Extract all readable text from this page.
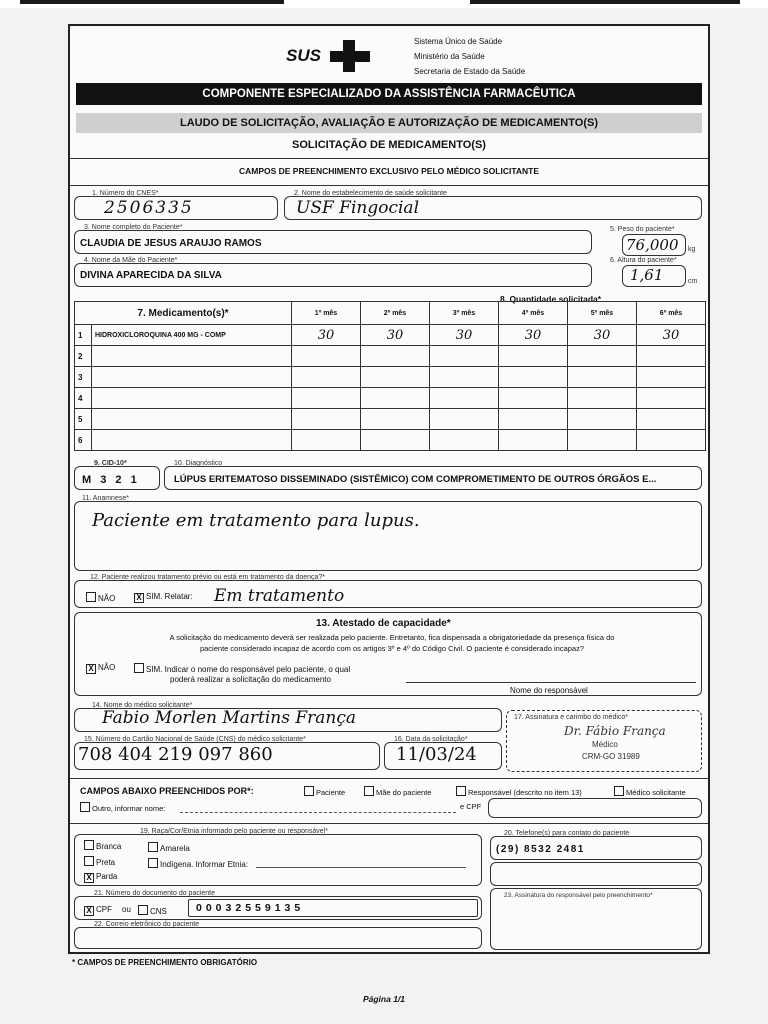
SUS
Sistema Único de Saúde
Ministério da Saúde
Secretaria de Estado da Saúde
COMPONENTE ESPECIALIZADO DA ASSISTÊNCIA FARMACÊUTICA
LAUDO DE SOLICITAÇÃO, AVALIAÇÃO E AUTORIZAÇÃO DE MEDICAMENTO(S)
SOLICITAÇÃO DE MEDICAMENTO(S)
CAMPOS DE PREENCHIMENTO EXCLUSIVO PELO MÉDICO SOLICITANTE
1. Número do CNES*
2506335
2. Nome do estabelecimento de saúde solicitante
USF Fingocial
3. Nome completo do Paciente*
CLAUDIA DE JESUS ARAUJO RAMOS
5. Peso do paciente*
76,000 kg
4. Nome da Mãe do Paciente*
DIVINA APARECIDA DA SILVA
6. Altura do paciente*
1,61	cm
8. Quantidade solicitada*
7. Medicamento(s)*		1º mês	2º mês	3º mês	4º mês	5º mês	6º mês
1	HIDROXICLOROQUINA 400 MG - COMP	30	30	30	30	30	30
2							
3							
4							
5							
6							
9. CID-10*
M 3 2 1
10. Diagnóstico
LÚPUS ERITEMATOSO DISSEMINADO (SISTÊMICO) COM COMPROMETIMENTO DE OUTROS ÓRGÃOS E...
11. Anamnese*
Paciente em tratamento para lupus.
12. Paciente realizou tratamento prévio ou está em tratamento da doença?*
NÃO	X SIM. Relatar: Em tratamento
13. Atestado de capacidade*
A solicitação do medicamento deverá ser realizada pelo paciente. Entretanto, fica dispensada a obrigatoriedade da presença física do
paciente considerado incapaz de acordo com os artigos 3º e 4º do Código Civil. O paciente é considerado incapaz?
X NÃO	SIM. Indicar o nome do responsável pelo paciente, o qual
poderá realizar a solicitação do medicamento
Nome do responsável
14. Nome do médico solicitante*
Fabio Morlen Martins França
15. Número do Cartão Nacional de Saúde (CNS) do médico solicitante*
708 404 219 097 860
16. Data da solicitação*
11/03/24
17. Assinatura e carimbo do médico*
Dr. Fábio França
Médico
CRM-GO 31989
CAMPOS ABAIXO PREENCHIDOS POR*:	Paciente	Mãe do paciente	Responsável (descrito no item 13)	Médico solicitante
Outro, informar nome:	e CPF
19. Raça/Cor/Etnia informado pelo paciente ou responsável*
Branca	Amarela
Preta	Indígena. Informar Etnia:
X Parda
20. Telefone(s) para contato do paciente
(29) 8532 2481
21. Número do documento do paciente
X CPF ou	CNS	00032559135
22. Correio eletrônico do paciente
23. Assinatura do responsável pelo preenchimento*
* CAMPOS DE PREENCHIMENTO OBRIGATÓRIO
Página 1/1
